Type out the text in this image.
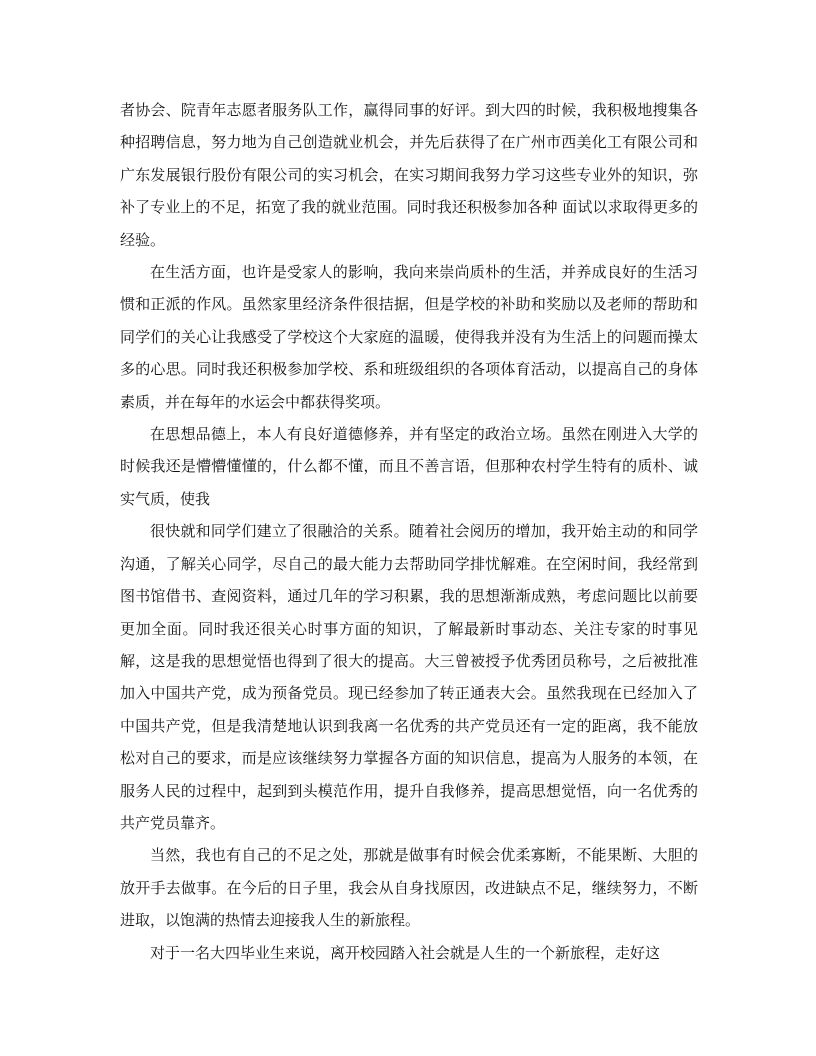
者协会、院青年志愿者服务队工作，赢得同事的好评。到大四的时候，我积极地搜集各种招聘信息，努力地为自己创造就业机会，并先后获得了在广州市西美化工有限公司和广东发展银行股份有限公司的实习机会，在实习期间我努力学习这些专业外的知识，弥补了专业上的不足，拓宽了我的就业范围。同时我还积极参加各种 面试以求取得更多的经验。

在生活方面，也许是受家人的影响，我向来崇尚质朴的生活，并养成良好的生活习惯和正派的作风。虽然家里经济条件很拮据，但是学校的补助和奖励以及老师的帮助和同学们的关心让我感受了学校这个大家庭的温暖，使得我并没有为生活上的问题而操太多的心思。同时我还积极参加学校、系和班级组织的各项体育活动，以提高自己的身体素质，并在每年的水运会中都获得奖项。

在思想品德上，本人有良好道德修养，并有坚定的政治立场。虽然在刚进入大学的时候我还是懵懵懂懂的，什么都不懂，而且不善言语，但那种农村学生特有的质朴、诚实气质，使我

很快就和同学们建立了很融洽的关系。随着社会阅历的增加，我开始主动的和同学沟通，了解关心同学，尽自己的最大能力去帮助同学排忧解难。在空闲时间，我经常到图书馆借书、查阅资料，通过几年的学习积累，我的思想渐渐成熟，考虑问题比以前要更加全面。同时我还很关心时事方面的知识，了解最新时事动态、关注专家的时事见解，这是我的思想觉悟也得到了很大的提高。大三曾被授予优秀团员称号，之后被批准加入中国共产党，成为预备党员。现已经参加了转正通表大会。虽然我现在已经加入了中国共产党，但是我清楚地认识到我离一名优秀的共产党员还有一定的距离，我不能放松对自己的要求，而是应该继续努力掌握各方面的知识信息，提高为人服务的本领，在服务人民的过程中，起到到头模范作用，提升自我修养，提高思想觉悟，向一名优秀的共产党员靠齐。

当然，我也有自己的不足之处，那就是做事有时候会优柔寡断，不能果断、大胆的放开手去做事。在今后的日子里，我会从自身找原因，改进缺点不足，继续努力，不断进取，以饱满的热情去迎接我人生的新旅程。

对于一名大四毕业生来说，离开校园踏入社会就是人生的一个新旅程，走好这
